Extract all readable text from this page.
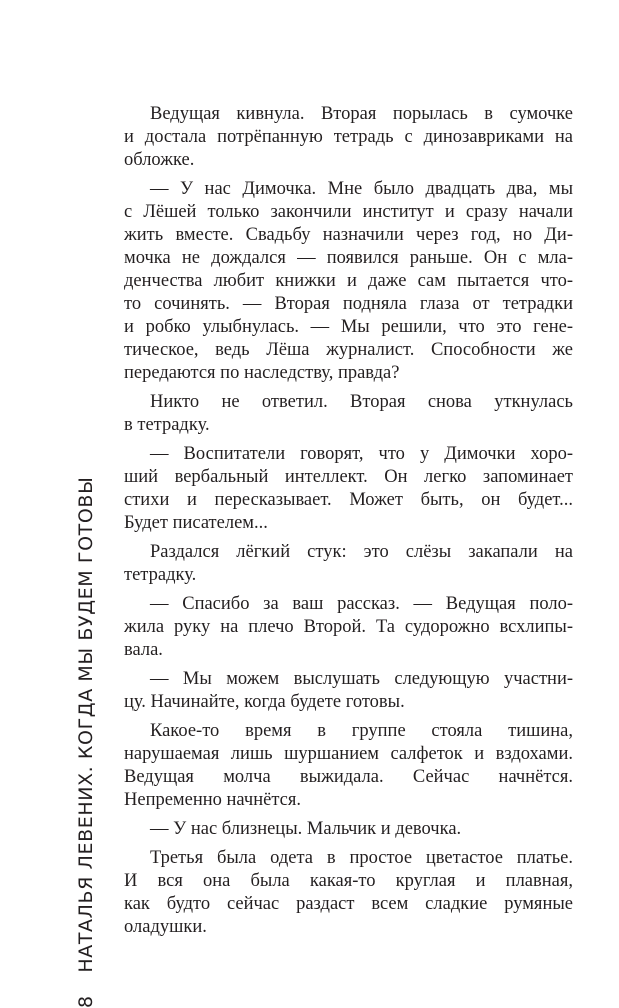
8 НАТАЛЬЯ ЛЕВЕНИХ. КОГДА МЫ БУДЕМ ГОТОВЫ
Ведущая кивнула. Вторая порылась в сумочке
и достала потрёпанную тетрадь с динозавриками на
обложке.
— У нас Димочка. Мне было двадцать два, мы
с Лёшей только закончили институт и сразу начали
жить вместе. Свадьбу назначили через год, но Ди-
мочка не дождался — появился раньше. Он с мла-
денчества любит книжки и даже сам пытается что-
то сочинять. — Вторая подняла глаза от тетрадки
и робко улыбнулась. — Мы решили, что это гене-
тическое, ведь Лёша журналист. Способности же
передаются по наследству, правда?
Никто не ответил. Вторая снова уткнулась
в тетрадку.
— Воспитатели говорят, что у Димочки хоро-
ший вербальный интеллект. Он легко запоминает
стихи и пересказывает. Может быть, он будет...
Будет писателем...
Раздался лёгкий стук: это слёзы закапали на
тетрадку.
— Спасибо за ваш рассказ. — Ведущая поло-
жила руку на плечо Второй. Та судорожно всхлипы-
вала.
— Мы можем выслушать следующую участни-
цу. Начинайте, когда будете готовы.
Какое-то время в группе стояла тишина,
нарушаемая лишь шуршанием салфеток и вздохами.
Ведущая молча выжидала. Сейчас начнётся.
Непременно начнётся.
— У нас близнецы. Мальчик и девочка.
Третья была одета в простое цветастое платье.
И вся она была какая-то круглая и плавная,
как будто сейчас раздаст всем сладкие румяные
оладушки.
